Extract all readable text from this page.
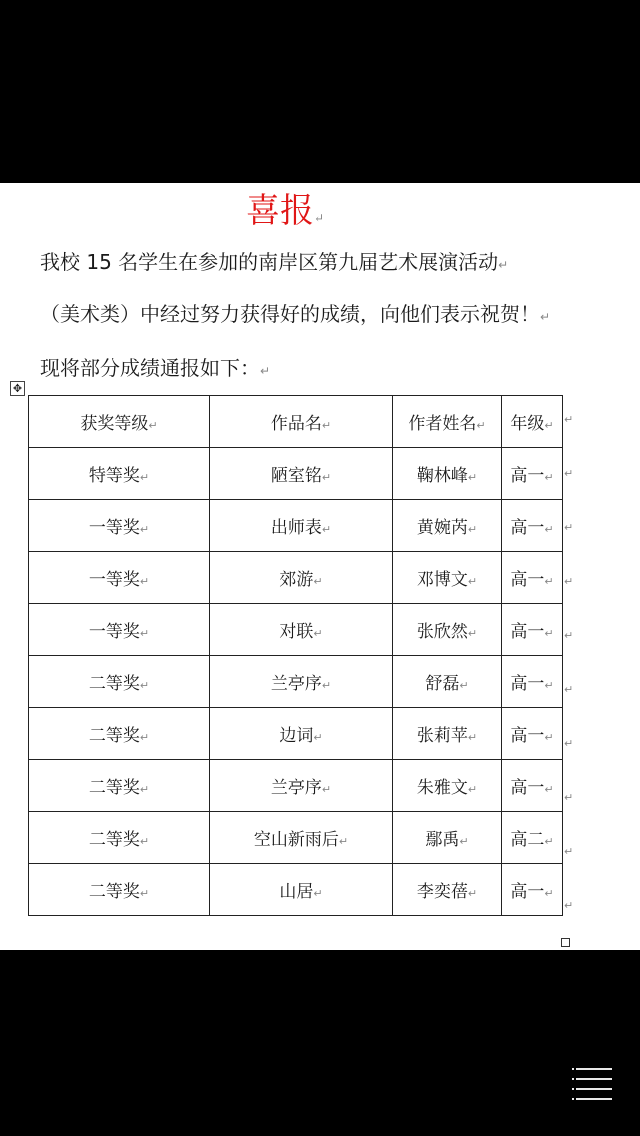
喜报↵
我校 15 名学生在参加的南岸区第九届艺术展演活动↵
（美术类）中经过努力获得好的成绩，向他们表示祝贺！↵
现将部分成绩通报如下：↵
✥
获奖等级↵	作品名↵	作者姓名↵	年级↵
特等奖↵	陋室铭↵	鞠林峰↵	高一↵
一等奖↵	出师表↵	黄婉芮↵	高一↵
一等奖↵	郊游↵	邓博文↵	高一↵
一等奖↵	对联↵	张欣然↵	高一↵
二等奖↵	兰亭序↵	舒磊↵	高一↵
二等奖↵	边词↵	张莉苹↵	高一↵
二等奖↵	兰亭序↵	朱雅文↵	高一↵
二等奖↵	空山新雨后↵	鄢禹↵	高二↵
二等奖↵	山居↵	李奕蓓↵	高一↵
↵
↵
↵
↵
↵
↵
↵
↵
↵
↵
